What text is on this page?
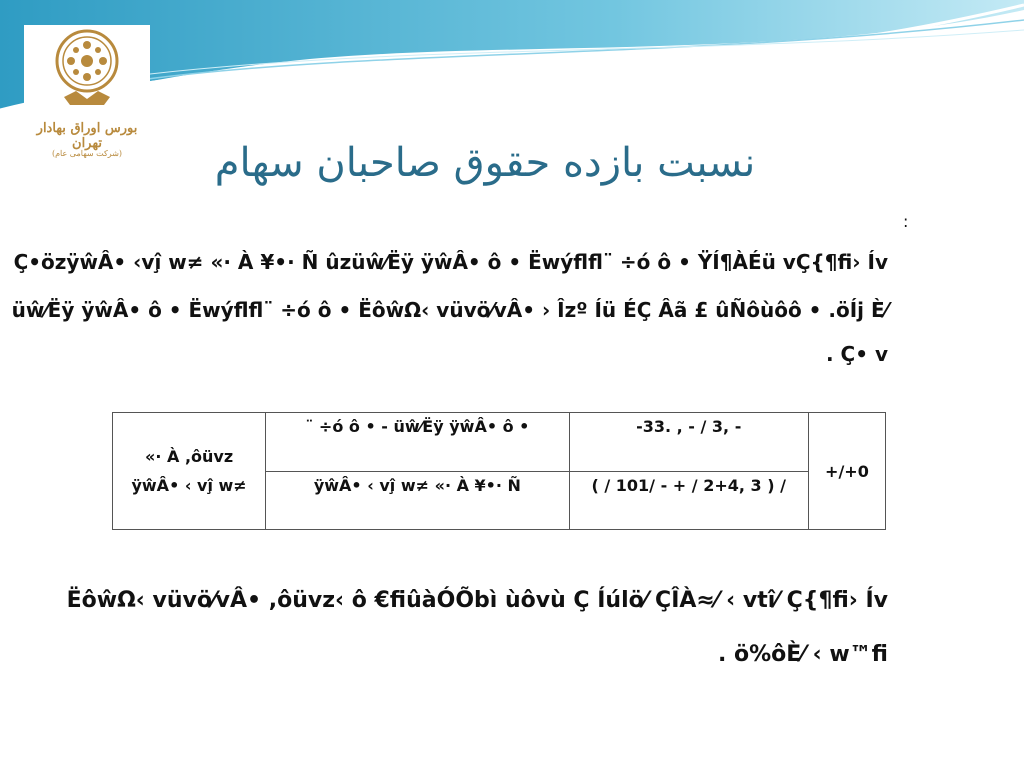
بورس اوراق بهادار تهران
(شرکت سهامی عام)	نسبت بازده حقوق صاحبان سهام
:
Ç•özÿŵÂ• ‹vî̧ w≠ «· À ¥•· Ñ ûzüŵ⁄Ëÿ ÿŵÂ• ô • Ëwýflfl¨ ÷ó ô • ŸÍ¶ÀÉü vÇ{¶fi› Ív
üŵ⁄Ëÿ ÿŵÂ• ô • Ëwýflfl¨ ÷ó ô • ËôŵΩ‹ vüvö⁄vÂ• › Îzº Íü ÉÇ Âã £ ûÑôùôô • .öÍj È⁄
. Ç• v
«· À ,ôüvz
ÿŵÂ• ‹ vî̧ w≠	¨ ÷ó ô • - üŵ⁄Ëÿ ÿŵÂ• ô •	-33. , - / 3, -	+/+0
	ÿŵÂ• ‹ vî̧ w≠ «· À ¥•· Ñ	( / 101/ - + / 2+4, 3 ) /	
ËôŵΩ‹ vüvö⁄vÂ• ,ôüvz‹ ô €fiûàÓÕbì ùôvù Ç Íúlö⁄ ÇÎÀ≈⁄ ‹ vtî⁄ Ç{¶fi› Ív
. ö%ôÈ⁄ ‹ w™fi
